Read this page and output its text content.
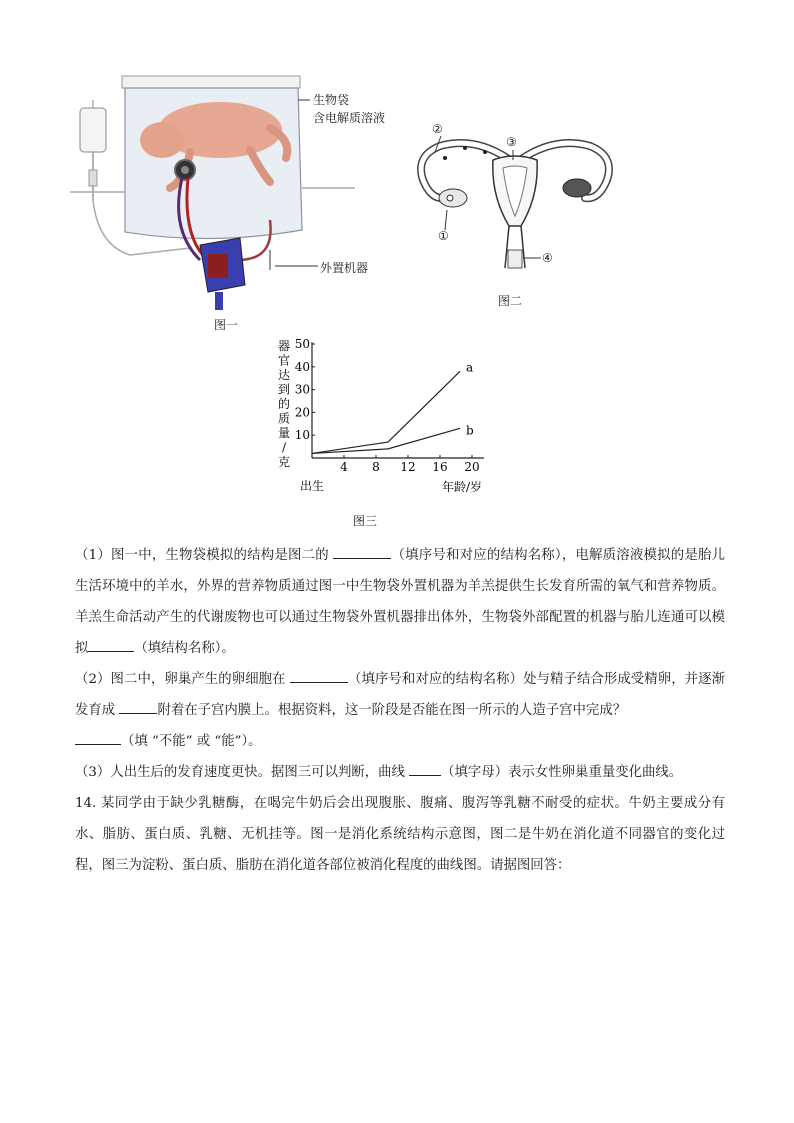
生物袋
含电解质溶液
外置机器
图一
②
③
①
④
图二
4 8 12 16 20
10
20
30
40
50
器
官
达
到
的
质
量
/
克
出生	年龄/岁
a
b
图三
（1）图一中，生物袋模拟的结构是图二的	（填序号和对应的结构名称），电解质溶液模拟的是胎儿生活环境中的羊水，外界的营养物质通过图一中生物袋外置机器为羊羔提供生长发育所需的氧气和营养物质。羊羔生命活动产生的代谢废物也可以通过生物袋外置机器排出体外，生物袋外部配置的机器与胎儿连通可以模拟	（填结构名称）。
（2）图二中，卵巢产生的卵细胞在	（填序号和对应的结构名称）处与精子结合形成受精卵，并逐渐发育成	附着在子宫内膜上。根据资料，这一阶段是否能在图一所示的人造子宫中完成？
（填 “不能” 或 “能”）。
（3）人出生后的发育速度更快。据图三可以判断，曲线 （填字母）表示女性卵巢重量变化曲线。
14. 某同学由于缺少乳糖酶，在喝完牛奶后会出现腹胀、腹痛、腹泻等乳糖不耐受的症状。牛奶主要成分有水、脂肪、蛋白质、乳糖、无机挂等。图一是消化系统结构示意图，图二是牛奶在消化道不同器官的变化过程，图三为淀粉、蛋白质、脂肪在消化道各部位被消化程度的曲线图。请据图回答：
